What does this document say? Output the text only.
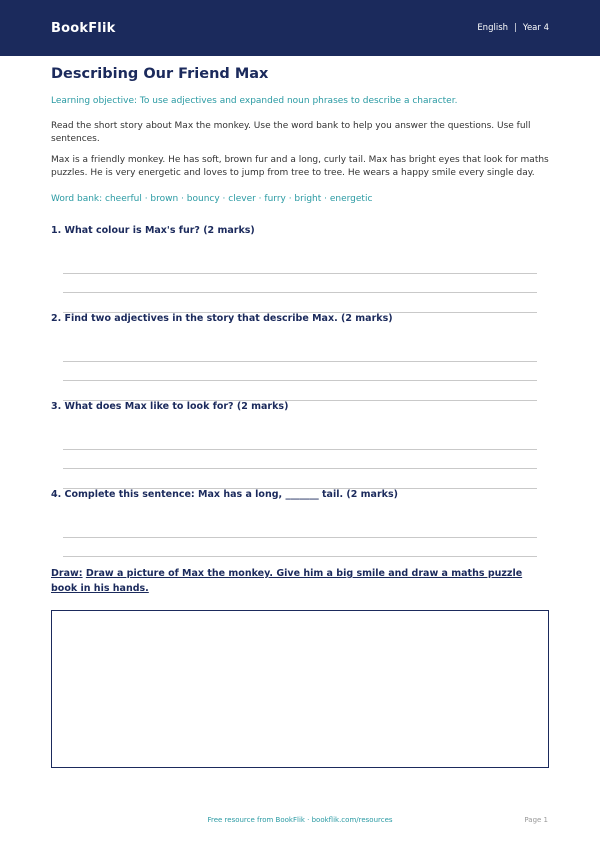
BookFlik	English | Year 4
Describing Our Friend Max

Learning objective: To use adjectives and expanded noun phrases to describe a character.

Read the short story about Max the monkey. Use the word bank to help you answer the questions. Use full sentences.

Max is a friendly monkey. He has soft, brown fur and a long, curly tail. Max has bright eyes that look for maths puzzles. He is very energetic and loves to jump from tree to tree. He wears a happy smile every single day.

Word bank: cheerful · brown · bouncy · clever · furry · bright · energetic

1. What colour is Max's fur? (2 marks)

2. Find two adjectives in the story that describe Max. (2 marks)

3. What does Max like to look for? (2 marks)

4. Complete this sentence: Max has a long, _______ tail. (2 marks)

Draw: Draw a picture of Max the monkey. Give him a big smile and draw a maths puzzle book in his hands.

Free resource from BookFlik · bookflik.com/resources	Page 1
